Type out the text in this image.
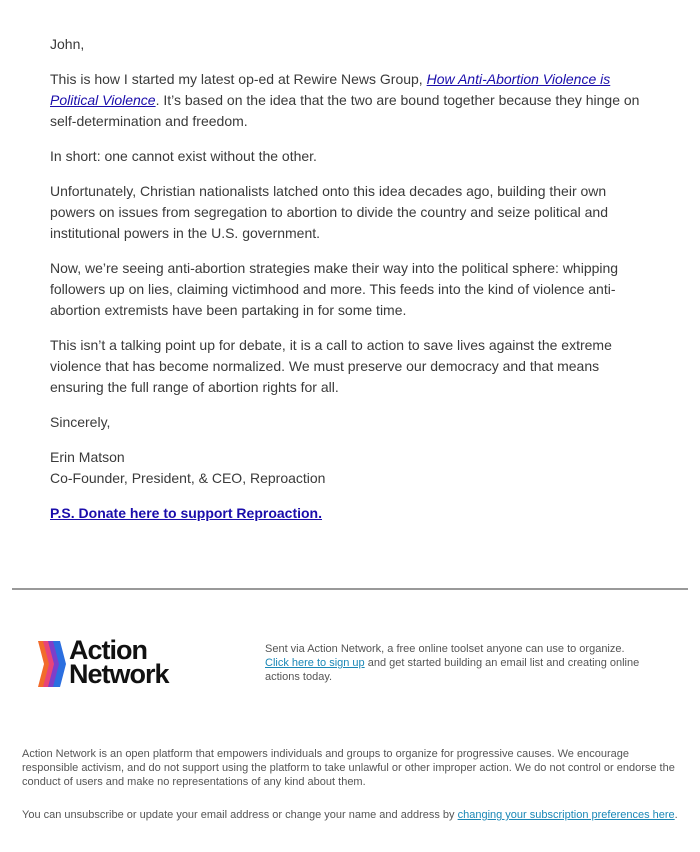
John,

This is how I started my latest op-ed at Rewire News Group, How Anti-Abortion Violence is Political Violence. It’s based on the idea that the two are bound together because they hinge on self-determination and freedom.

In short: one cannot exist without the other.

Unfortunately, Christian nationalists latched onto this idea decades ago, building their own powers on issues from segregation to abortion to divide the country and seize political and institutional powers in the U.S. government.

Now, we’re seeing anti-abortion strategies make their way into the political sphere: whipping followers up on lies, claiming victimhood and more. This feeds into the kind of violence anti-abortion extremists have been partaking in for some time.

This isn’t a talking point up for debate, it is a call to action to save lives against the extreme violence that has become normalized. We must preserve our democracy and that means ensuring the full range of abortion rights for all.

Sincerely,

Erin Matson

Co-Founder, President, & CEO, Reproaction

P.S. Donate here to support Reproaction.

Action
Network
Sent via Action Network, a free online toolset anyone can use to organize.
Click here to sign up and get started building an email list and creating online actions today.
Action Network is an open platform that empowers individuals and groups to organize for progressive causes. We encourage responsible activism, and do not support using the platform to take unlawful or other improper action. We do not control or endorse the conduct of users and make no representations of any kind about them.
You can unsubscribe or update your email address or change your name and address by changing your subscription preferences here.
